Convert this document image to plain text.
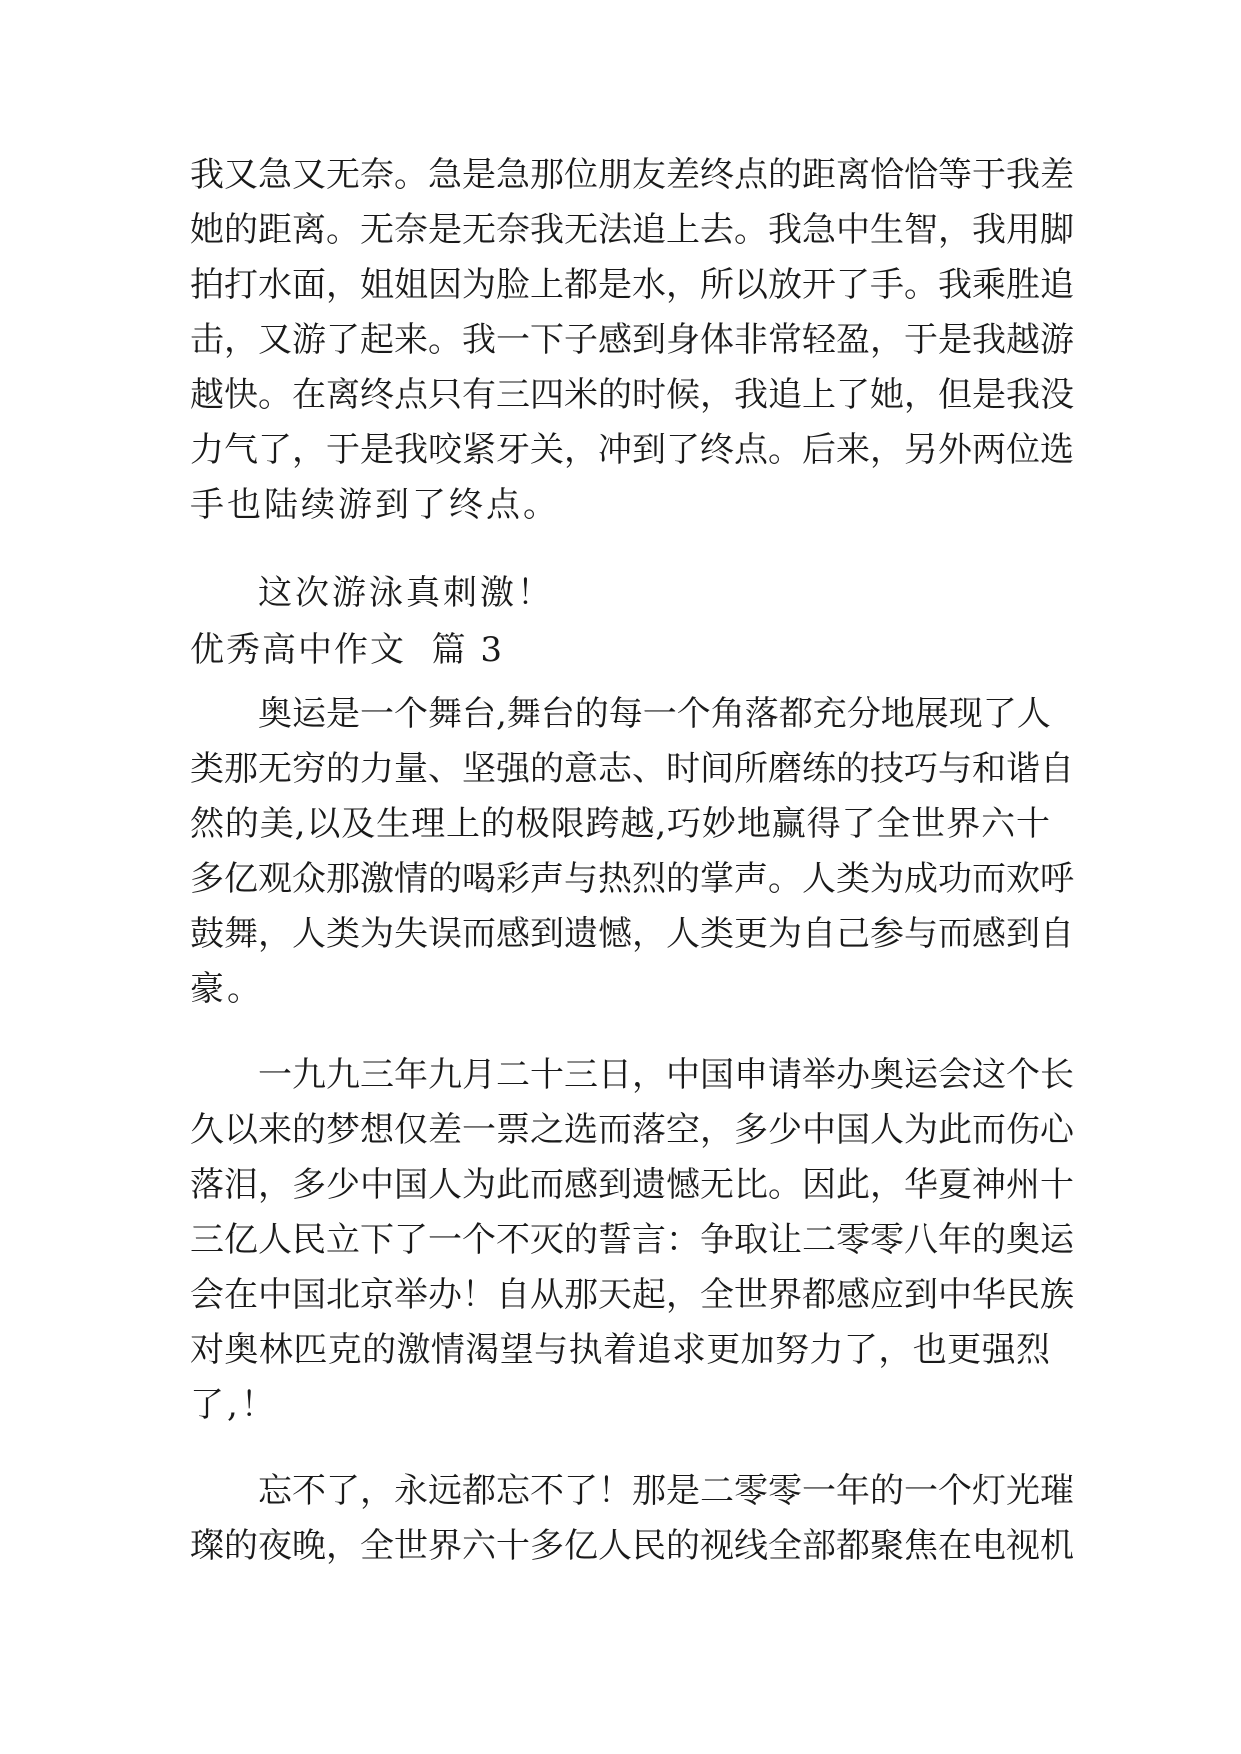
我又急又无奈。急是急那位朋友差终点的距离恰恰等于我差
她的距离。无奈是无奈我无法追上去。我急中生智，我用脚
拍打水面，姐姐因为脸上都是水，所以放开了手。我乘胜追
击，又游了起来。我一下子感到身体非常轻盈，于是我越游
越快。在离终点只有三四米的时候，我追上了她，但是我没
力气了，于是我咬紧牙关，冲到了终点。后来，另外两位选
手也陆续游到了终点。
这次游泳真刺激！
优秀高中作文  篇 3
奥运是一个舞台,舞台的每一个角落都充分地展现了人
类那无穷的力量、坚强的意志、时间所磨练的技巧与和谐自
然的美,以及生理上的极限跨越,巧妙地赢得了全世界六十
多亿观众那激情的喝彩声与热烈的掌声。人类为成功而欢呼
鼓舞，人类为失误而感到遗憾，人类更为自己参与而感到自
豪。
一九九三年九月二十三日，中国申请举办奥运会这个长
久以来的梦想仅差一票之选而落空，多少中国人为此而伤心
落泪，多少中国人为此而感到遗憾无比。因此，华夏神州十
三亿人民立下了一个不灭的誓言：争取让二零零八年的奥运
会在中国北京举办！自从那天起，全世界都感应到中华民族
对奥林匹克的激情渴望与执着追求更加努力了，也更强烈
了,！
忘不了，永远都忘不了！那是二零零一年的一个灯光璀
璨的夜晚，全世界六十多亿人民的视线全部都聚焦在电视机
